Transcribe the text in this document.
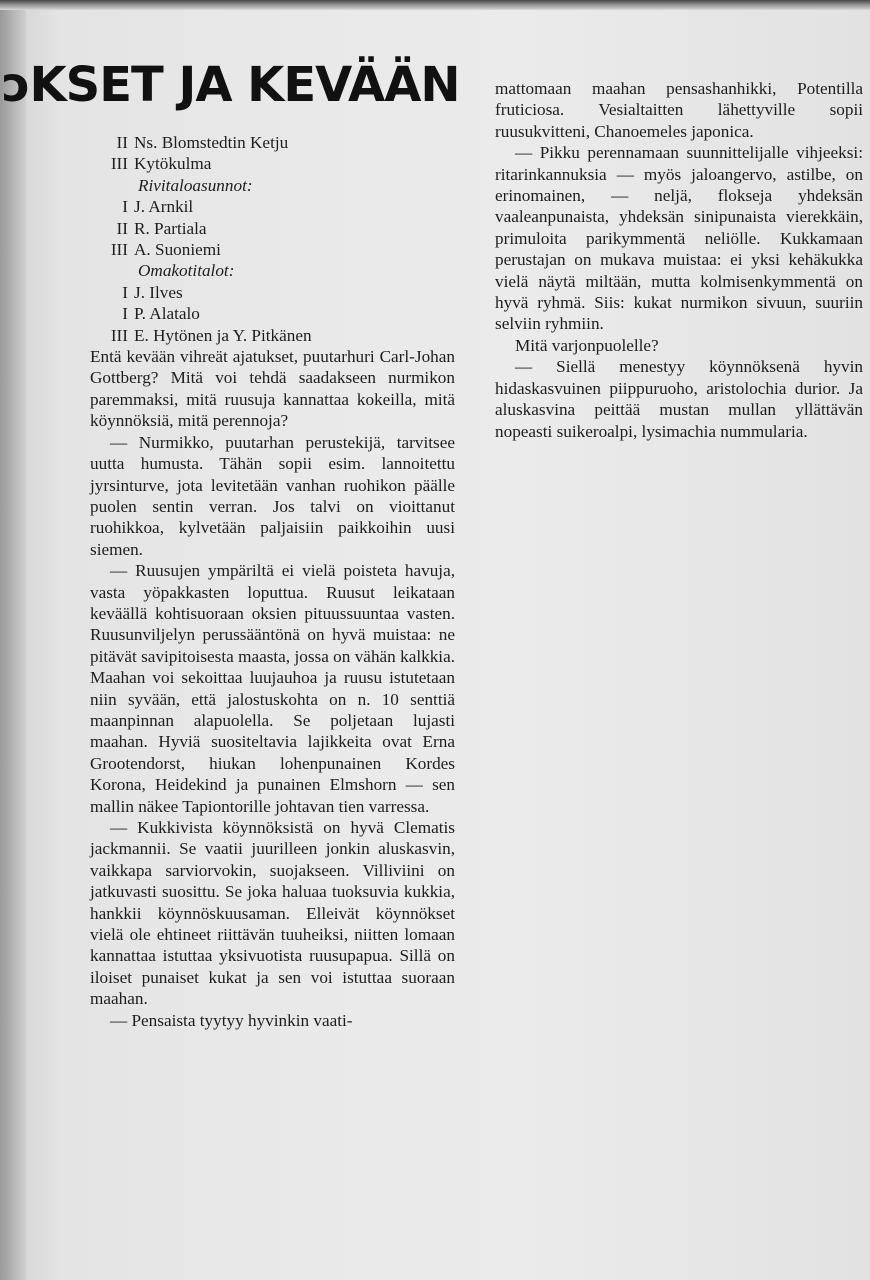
ɔKSET JA KEVÄÄN
II Ns. Blomstedtin Ketju
III Kytökulma
Rivitaloasunnot:
I J. Arnkil
II R. Partiala
III A. Suoniemi
Omakotitalot:
I J. Ilves
I P. Alatalo
III E. Hytönen ja Y. Pitkänen

Entä kevään vihreät ajatukset, puutarhuri Carl-Johan Gottberg? Mitä voi tehdä saadakseen nurmikon paremmaksi, mitä ruusuja kannattaa kokeilla, mitä köynnöksiä, mitä perennoja?

— Nurmikko, puutarhan perustekijä, tarvitsee uutta humusta. Tähän sopii esim. lannoitettu jyrsinturve, jota levitetään vanhan ruohikon päälle puolen sentin verran. Jos talvi on vioittanut ruohikkoa, kylvetään paljaisiin paikkoihin uusi siemen.

— Ruusujen ympäriltä ei vielä poisteta havuja, vasta yöpakkasten loputtua. Ruusut leikataan keväällä kohtisuoraan oksien pituussuuntaa vasten. Ruusunviljelyn perussääntönä on hyvä muistaa: ne pitävät savipitoisesta maasta, jossa on vähän kalkkia. Maahan voi sekoittaa luujauhoa ja ruusu istutetaan niin syvään, että jalostuskohta on n. 10 senttiä maanpinnan alapuolella. Se poljetaan lujasti maahan. Hyviä suositeltavia lajikkeita ovat Erna Grootendorst, hiukan lohenpunainen Kordes Korona, Heidekind ja punainen Elmshorn — sen mallin näkee Tapiontorille johtavan tien varressa.

— Kukkivista köynnöksistä on hyvä Clematis jackmannii. Se vaatii juurilleen jonkin aluskasvin, vaikkapa sarviorvokin, suojakseen. Villiviini on jatkuvasti suosittu. Se joka haluaa tuoksuvia kukkia, hankkii köynnöskuusaman. Elleivät köynnökset vielä ole ehtineet riittävän tuuheiksi, niitten lomaan kannattaa istuttaa yksivuotista ruusupapua. Sillä on iloiset punaiset kukat ja sen voi istuttaa suoraan maahan.

— Pensaista tyytyy hyvinkin vaati-

mattomaan maahan pensashanhikki, Potentilla fruticiosa. Vesialtaitten lähettyville sopii ruusukvitteni, Chanoemeles japonica.

— Pikku perennamaan suunnittelijalle vihjeeksi: ritarinkannuksia — myös jaloangervo, astilbe, on erinomainen, — neljä, flokseja yhdeksän vaaleanpunaista, yhdeksän sinipunaista vierekkäin, primuloita parikymmentä neliölle. Kukkamaan perustajan on mukava muistaa: ei yksi kehäkukka vielä näytä miltään, mutta kolmisenkymmentä on hyvä ryhmä. Siis: kukat nurmikon sivuun, suuriin selviin ryhmiin.

Mitä varjonpuolelle?

— Siellä menestyy köynnöksenä hyvin hidaskasvuinen piippuruoho, aristolochia durior. Ja aluskasvina peittää mustan mullan yllättävän nopeasti suikeroalpi, lysimachia nummularia.
